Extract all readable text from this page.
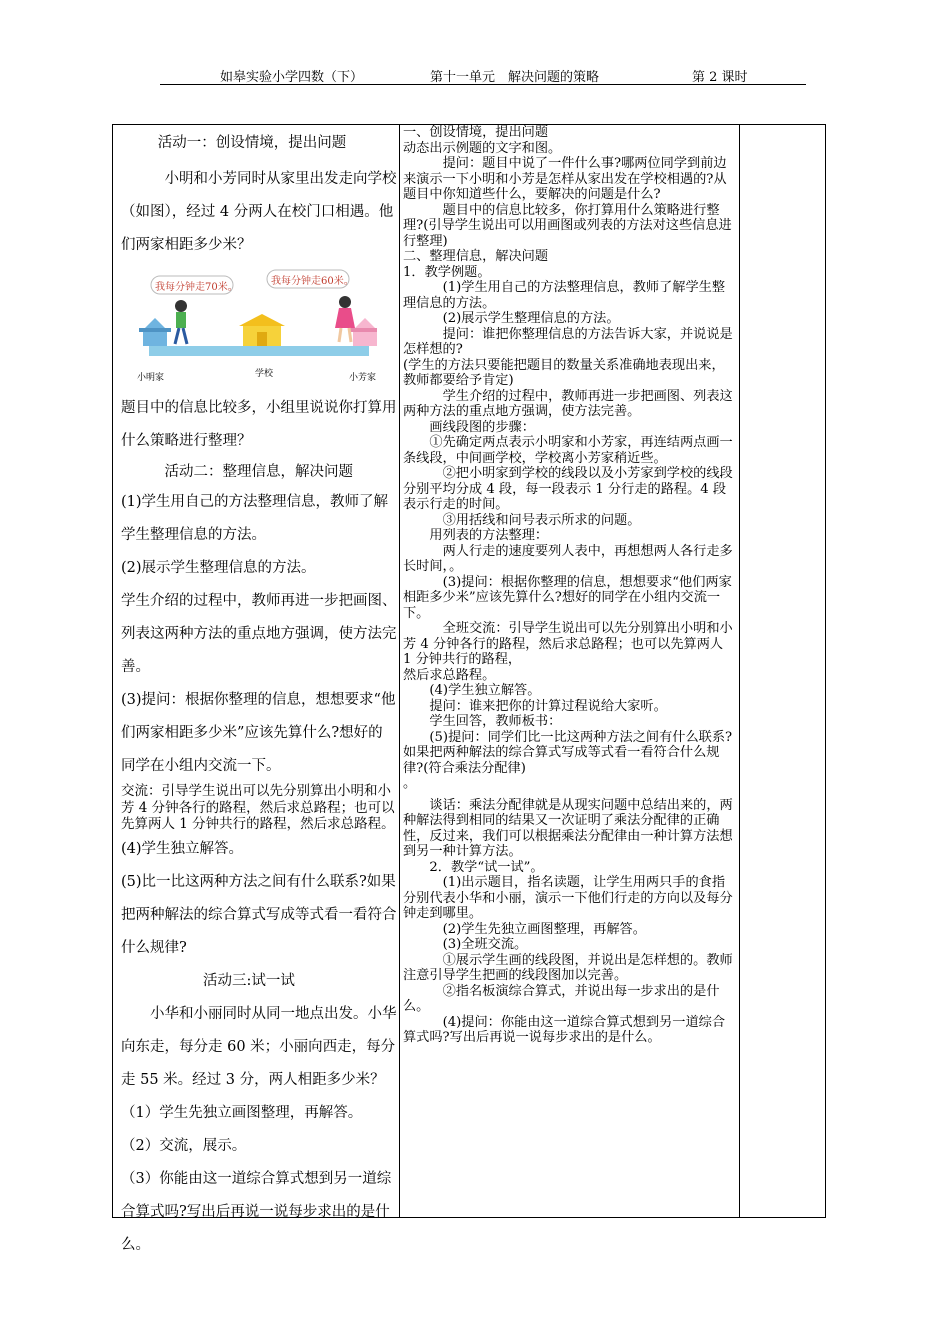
如皋实验小学四数（下）	第十一单元　解决问题的策略	第 2 课时

活动一：创设情境，提出问题

小明和小芳同时从家里出发走向学校（如图），经过 4 分两人在校门口相遇。他们两家相距多少米？

我每分钟走70米。
我每分钟走60米。
小明家	学校	小芳家

题目中的信息比较多，小组里说说你打算用什么策略进行整理？

活动二：整理信息，解决问题

(1)学生用自己的方法整理信息，教师了解学生整理信息的方法。

(2)展示学生整理信息的方法。

学生介绍的过程中，教师再进一步把画图、列表这两种方法的重点地方强调，使方法完善。

(3)提问：根据你整理的信息，想想要求“他们两家相距多少米”应该先算什么?想好的同学在小组内交流一下。

交流：引导学生说出可以先分别算出小明和小芳 4 分钟各行的路程，然后求总路程；也可以先算两人 1 分钟共行的路程，然后求总路程。

(4)学生独立解答。

(5)比一比这两种方法之间有什么联系?如果把两种解法的综合算式写成等式看一看符合什么规律?

活动三:试一试

小华和小丽同时从同一地点出发。小华向东走，每分走 60 米；小丽向西走，每分走 55 米。经过 3 分，两人相距多少米？

（1）学生先独立画图整理，再解答。

（2）交流，展示。

（3）你能由这一道综合算式想到另一道综合算式吗?写出后再说一说每步求出的是什么。

一、创设情境，提出问题

动态出示例题的文字和图。

提问：题目中说了一件什么事?哪两位同学到前边来演示一下小明和小芳是怎样从家出发在学校相遇的?从题目中你知道些什么，要解决的问题是什么?

题目中的信息比较多，你打算用什么策略进行整理?(引导学生说出可以用画图或列表的方法对这些信息进行整理)

二、整理信息，解决问题

1．教学例题。

(1)学生用自己的方法整理信息，教师了解学生整理信息的方法。

(2)展示学生整理信息的方法。

提问：谁把你整理信息的方法告诉大家，并说说是怎样想的?

(学生的方法只要能把题目的数量关系准确地表现出来，教师都要给予肯定)

学生介绍的过程中，教师再进一步把画图、列表这两种方法的重点地方强调，使方法完善。

画线段图的步骤：

①先确定两点表示小明家和小芳家，再连结两点画一条线段，中间画学校，学校离小芳家稍近些。

②把小明家到学校的线段以及小芳家到学校的线段分别平均分成 4 段，每一段表示 1 分行走的路程。4 段表示行走的时间。

③用括线和问号表示所求的问题。

用列表的方法整理：

两人行走的速度要列人表中，再想想两人各行走多长时间，。

(3)提问：根据你整理的信息，想想要求“他们两家相距多少米”应该先算什么?想好的同学在小组内交流一下。

全班交流：引导学生说出可以先分别算出小明和小芳 4 分钟各行的路程，然后求总路程；也可以先算两人 1 分钟共行的路程，

然后求总路程。

(4)学生独立解答。

提问：谁来把你的计算过程说给大家听。

学生回答，教师板书：

(5)提问：同学们比一比这两种方法之间有什么联系?如果把两种解法的综合算式写成等式看一看符合什么规律?(符合乘法分配律)

。

谈话：乘法分配律就是从现实问题中总结出来的，两种解法得到相同的结果又一次证明了乘法分配律的正确性，反过来，我们可以根据乘法分配律由一种计算方法想到另一种计算方法。

2．教学“试一试”。

(1)出示题目，指名读题，让学生用两只手的食指分别代表小华和小丽，演示一下他们行走的方向以及每分钟走到哪里。

(2)学生先独立画图整理，再解答。

(3)全班交流。

①展示学生画的线段图，并说出是怎样想的。教师注意引导学生把画的线段图加以完善。

②指名板演综合算式，并说出每一步求出的是什么。

(4)提问：你能由这一道综合算式想到另一道综合算式吗?写出后再说一说每步求出的是什么。
